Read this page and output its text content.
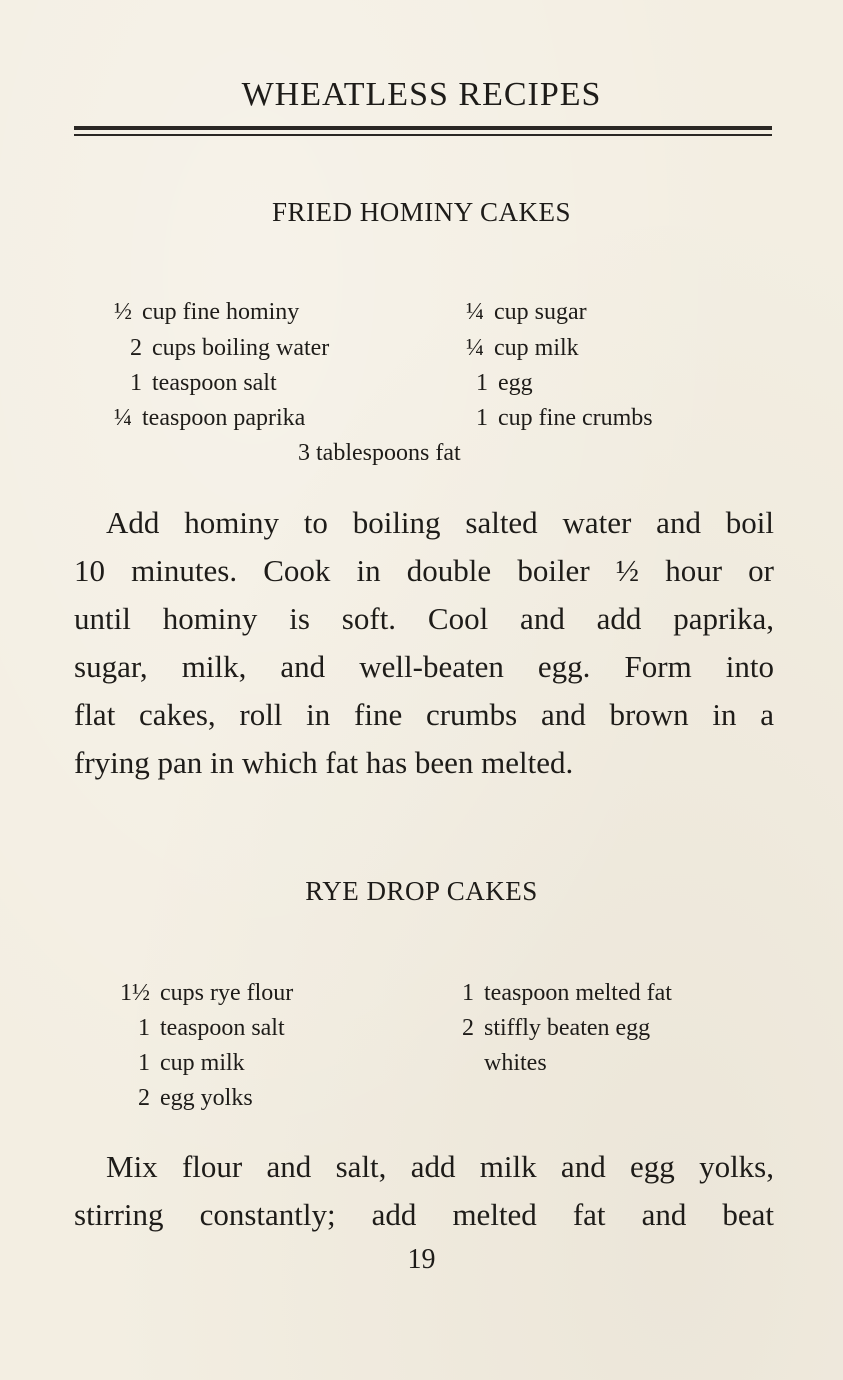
WHEATLESS RECIPES
FRIED HOMINY CAKES
½ cup fine hominy
2 cups boiling water
1 teaspoon salt
¼ teaspoon paprika
¼ cup sugar
¼ cup milk
1 egg
1 cup fine crumbs
3 tablespoons fat
Add hominy to boiling salted water and boil
10 minutes. Cook in double boiler ½ hour or
until hominy is soft. Cool and add paprika,
sugar, milk, and well-beaten egg. Form into
flat cakes, roll in fine crumbs and brown in a
frying pan in which fat has been melted.
RYE DROP CAKES
1½ cups rye flour
1 teaspoon salt
1 cup milk
2 egg yolks
1 teaspoon melted fat
2 stiffly beaten egg
whites
Mix flour and salt, add milk and egg yolks,
stirring constantly; add melted fat and beat
19
